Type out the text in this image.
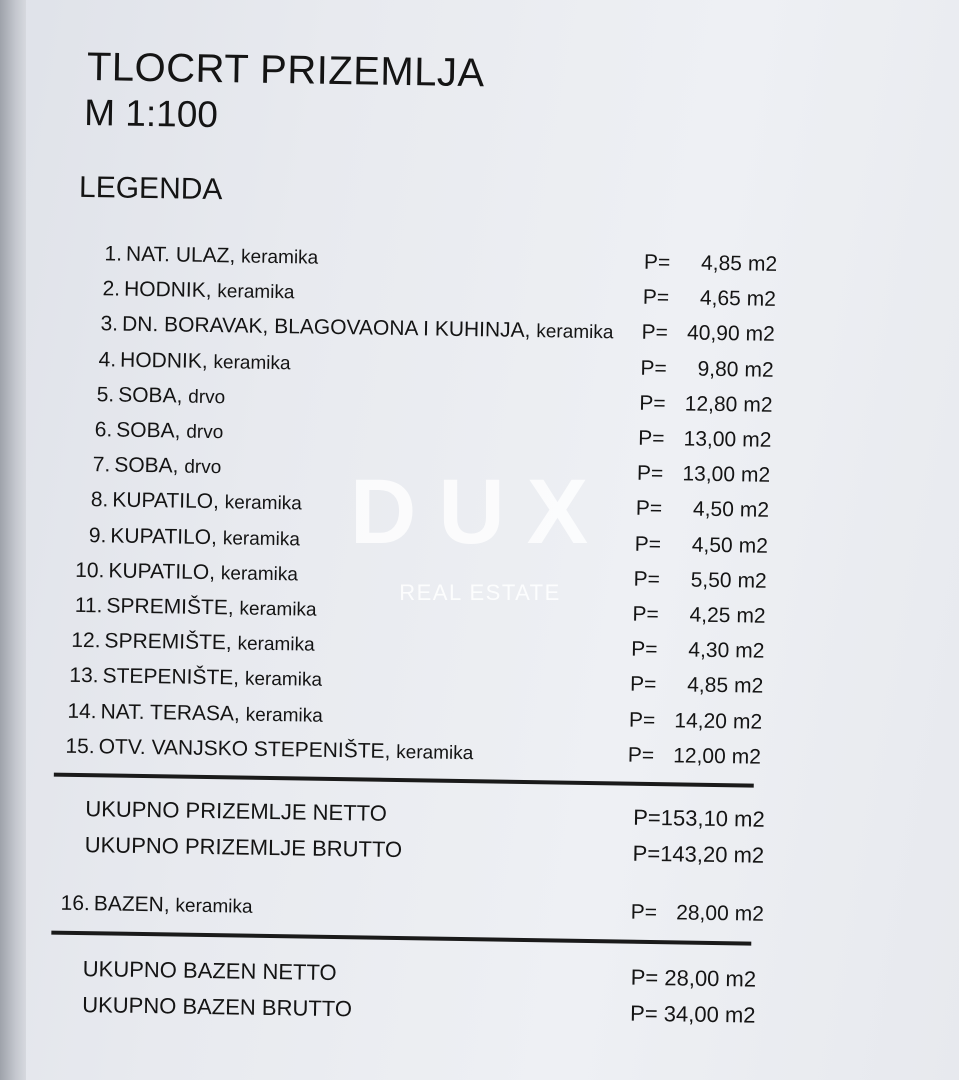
TLOCRT PRIZEMLJA
M 1:100
LEGENDA
1. NAT. ULAZ, keramika	P= 4,85 m2
2. HODNIK, keramika	P= 4,65 m2
3. DN. BORAVAK, BLAGOVAONA I KUHINJA, keramika P= 40,90 m2
4. HODNIK, keramika	P= 9,80 m2
5. SOBA, drvo	P= 12,80 m2
6. SOBA, drvo	P= 13,00 m2
7. SOBA, drvo	P= 13,00 m2
8. KUPATILO, keramika	P= 4,50 m2
9. KUPATILO, keramika	P= 4,50 m2
10. KUPATILO, keramika	P= 5,50 m2
11. SPREMIŠTE, keramika	P= 4,25 m2
12. SPREMIŠTE, keramika	P= 4,30 m2
13. STEPENIŠTE, keramika	P= 4,85 m2
14. NAT. TERASA, keramika	P= 14,20 m2
15. OTV. VANJSKO STEPENIŠTE, keramika	P= 12,00 m2
UKUPNO PRIZEMLJE NETTO	P=153,10 m2
UKUPNO PRIZEMLJE BRUTTO	P=143,20 m2
16. BAZEN, keramika	P= 28,00 m2
UKUPNO BAZEN NETTO	P= 28,00 m2
UKUPNO BAZEN BRUTTO	P= 34,00 m2
DUX
REAL ESTATE
